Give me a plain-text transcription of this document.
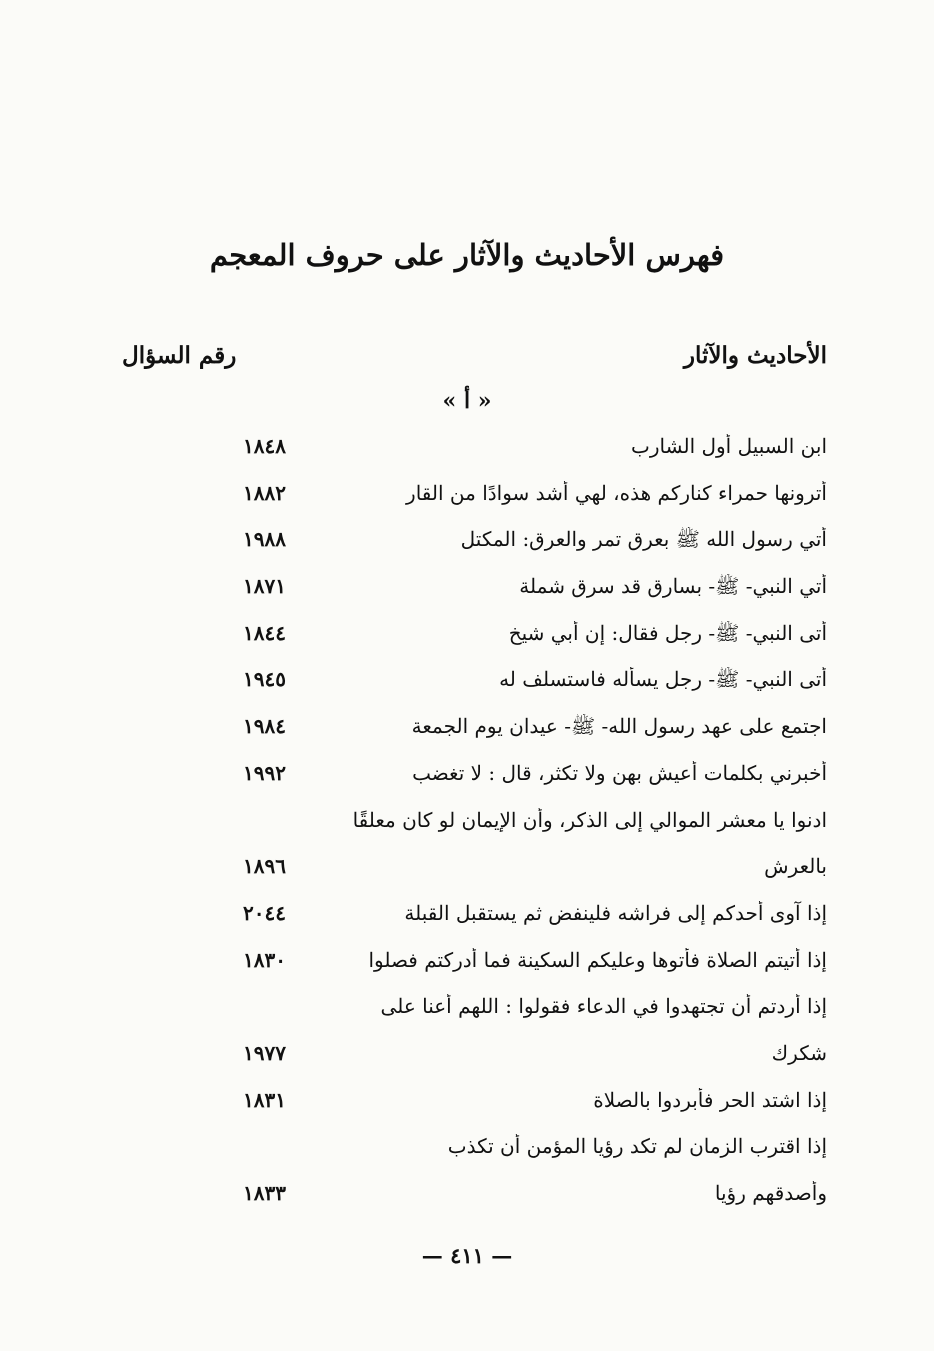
فهرس الأحاديث والآثار على حروف المعجم
الأحاديث والآثار
رقم السؤال
« أ »
ابن السبيل أول الشارب
١٨٤٨
أترونها حمراء كناركم هذه، لهي أشد سوادًا من القار
١٨٨٢
أتي رسول الله ﷺ بعرق تمر والعرق: المكتل
١٩٨٨
أتي النبي- ﷺ- بسارق قد سرق شملة
١٨٧١
أتى النبي- ﷺ- رجل فقال: إن أبي شيخ
١٨٤٤
أتى النبي- ﷺ- رجل يسأله فاستسلف له
١٩٤٥
اجتمع على عهد رسول الله- ﷺ- عيدان يوم الجمعة
١٩٨٤
أخبرني بكلمات أعيش بهن ولا تكثر، قال : لا تغضب
١٩٩٢
ادنوا يا معشر الموالي إلى الذكر، وأن الإيمان لو كان معلقًا
بالعرش
١٨٩٦
إذا آوى أحدكم إلى فراشه فلينفض ثم يستقبل القبلة
٢٠٤٤
إذا أتيتم الصلاة فأتوها وعليكم السكينة فما أدركتم فصلوا
١٨٣٠
إذا أردتم أن تجتهدوا في الدعاء فقولوا : اللهم أعنا على
شكرك
١٩٧٧
إذا اشتد الحر فأبردوا بالصلاة
١٨٣١
إذا اقترب الزمان لم تكد رؤيا المؤمن أن تكذب
وأصدقهم رؤيا
١٨٣٣
— ٤١١ —
